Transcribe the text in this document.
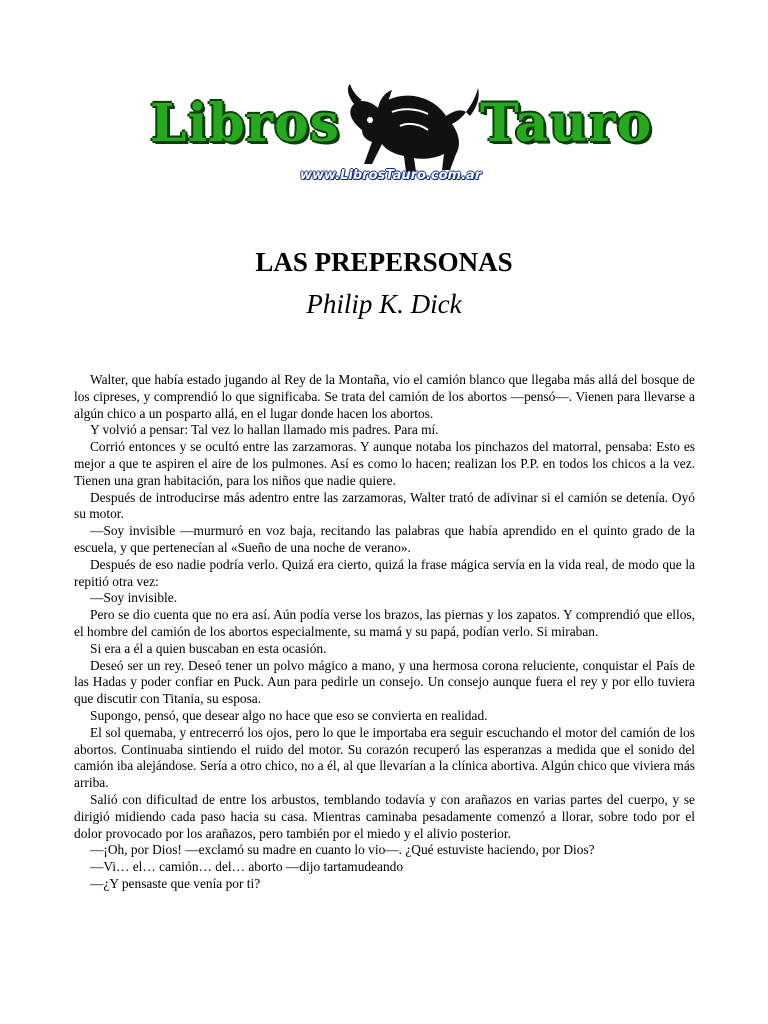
Libros	Tauro
www.LibrosTauro.com.ar
LAS PREPERSONAS
Philip K. Dick

Walter, que había estado jugando al Rey de la Montaña, vio el camión blanco que llegaba más allá del bosque de los cipreses, y comprendió lo que significaba. Se trata del camión de los abortos —pensó—. Vienen para llevarse a algún chico a un posparto allá, en el lugar donde hacen los abortos.

Y volvió a pensar: Tal vez lo hallan llamado mis padres. Para mí.

Corrió entonces y se ocultó entre las zarzamoras. Y aunque notaba los pinchazos del matorral, pensaba: Esto es mejor a que te aspiren el aire de los pulmones. Así es como lo hacen; realizan los P.P. en todos los chicos a la vez. Tienen una gran habitación, para los niños que nadie quiere.

Después de introducirse más adentro entre las zarzamoras, Walter trató de adivinar si el camión se detenía. Oyó su motor.

—Soy invisible —murmuró en voz baja, recitando las palabras que había aprendido en el quinto grado de la escuela, y que pertenecían al «Sueño de una noche de verano».

Después de eso nadie podría verlo. Quizá era cierto, quizá la frase mágica servía en la vida real, de modo que la repitió otra vez:

—Soy invisible.

Pero se dio cuenta que no era así. Aún podía verse los brazos, las piernas y los zapatos. Y comprendió que ellos, el hombre del camión de los abortos especialmente, su mamá y su papá, podían verlo. Si miraban.

Si era a él a quien buscaban en esta ocasión.

Deseó ser un rey. Deseó tener un polvo mágico a mano, y una hermosa corona reluciente, conquistar el País de las Hadas y poder confiar en Puck. Aun para pedirle un consejo. Un consejo aunque fuera el rey y por ello tuviera que discutir con Titania, su esposa.

Supongo, pensó, que desear algo no hace que eso se convierta en realidad.

El sol quemaba, y entrecerró los ojos, pero lo que le importaba era seguir escuchando el motor del camión de los abortos. Continuaba sintiendo el ruido del motor. Su corazón recuperó las esperanzas a medida que el sonido del camión iba alejándose. Sería a otro chico, no a él, al que llevarían a la clínica abortiva. Algún chico que viviera más arriba.

Salió con dificultad de entre los arbustos, temblando todavía y con arañazos en varias partes del cuerpo, y se dirigió midiendo cada paso hacia su casa. Mientras caminaba pesadamente comenzó a llorar, sobre todo por el dolor provocado por los arañazos, pero también por el miedo y el alivio posterior.

—¡Oh, por Dios! —exclamó su madre en cuanto lo vio—. ¿Qué estuviste haciendo, por Dios?

—Vi… el… camión… del… aborto —dijo tartamudeando

—¿Y pensaste que venía por ti?
